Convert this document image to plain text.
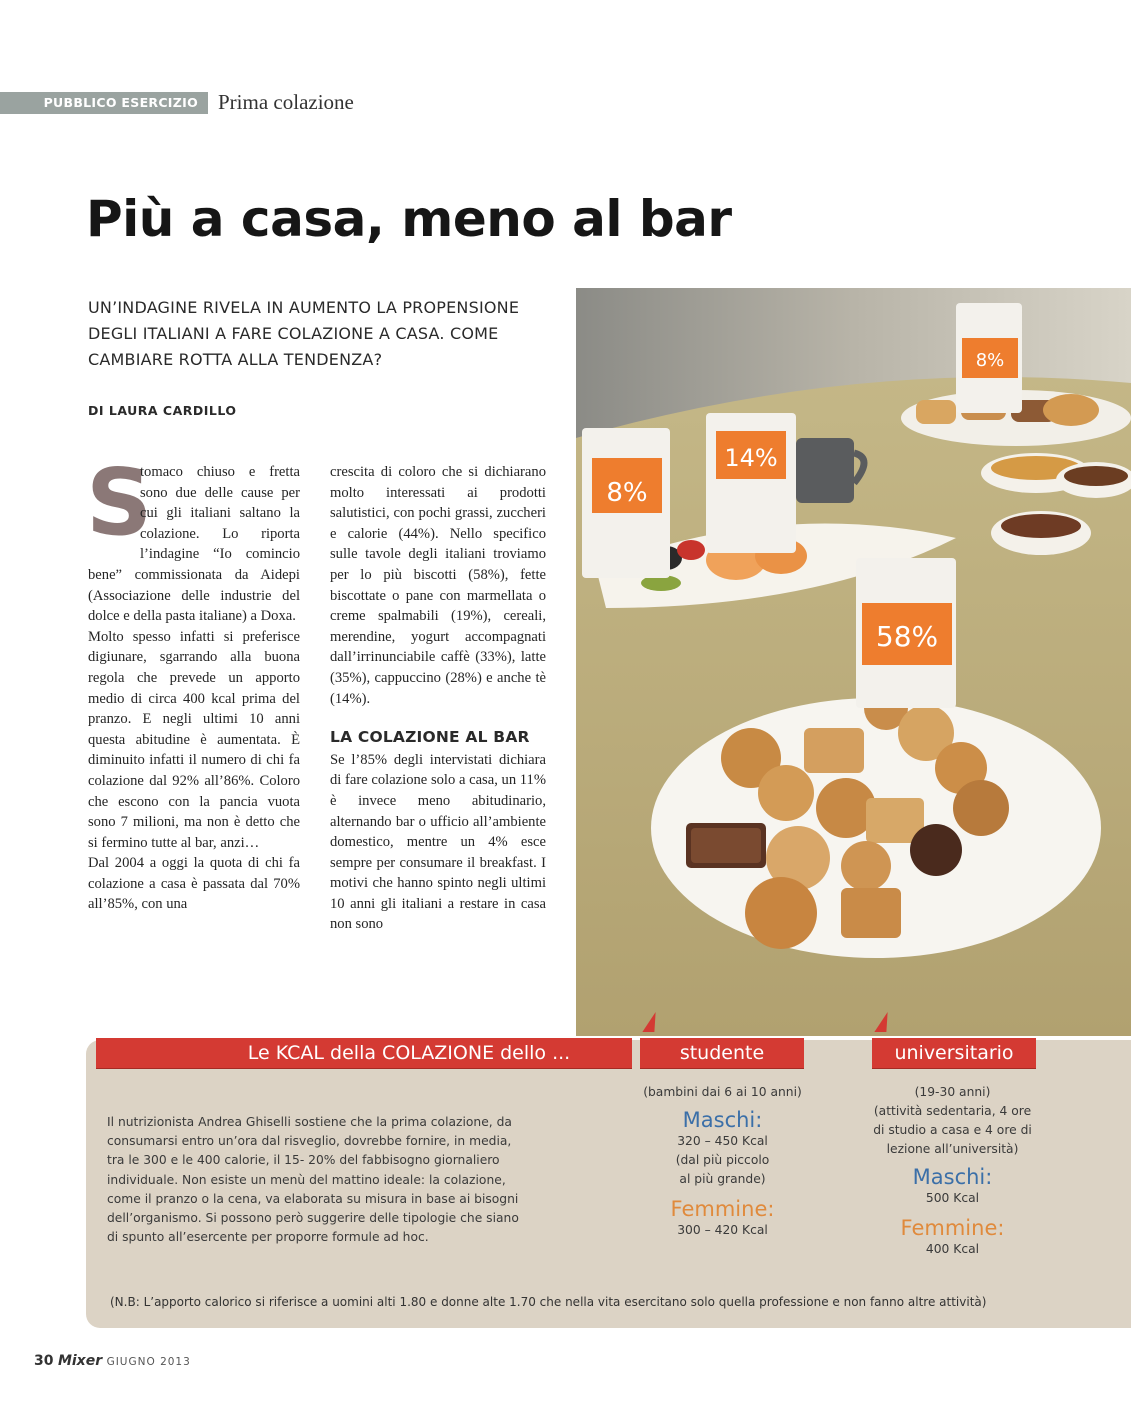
PUBBLICO ESERCIZIO Prima colazione
Più a casa, meno al bar
UN’INDAGINE RIVELA IN AUMENTO LA PROPENSIONE DEGLI ITALIANI A FARE COLAZIONE A CASA. COME CAMBIARE ROTTA ALLA TENDENZA?
DI LAURA CARDILLO
S

tomaco chiuso e fretta sono due delle cause per cui gli italiani saltano la colazione. Lo riporta l’indagine “Io comincio bene” commissionata da Aidepi (Associazione delle industrie del dolce e della pasta italiane) a Doxa.

Molto spesso infatti si preferisce digiunare, sgarrando alla buona regola che prevede un apporto medio di circa 400 kcal prima del pranzo. E negli ultimi 10 anni questa abitudine è aumentata. È diminuito infatti il numero di chi fa colazione dal 92% all’86%. Coloro che escono con la pancia vuota sono 7 milioni, ma non è detto che si fermino tutte al bar, anzi…

Dal 2004 a oggi la quota di chi fa colazione a casa è passata dal 70% all’85%, con una

crescita di coloro che si dichiarano molto interessati ai prodotti salutistici, con pochi grassi, zuccheri e calorie (44%). Nello specifico sulle tavole degli italiani troviamo per lo più biscotti (58%), fette biscottate o pane con marmellata o creme spalmabili (19%), cereali, merendine, yogurt accompagnati dall’irrinunciabile caffè (33%), latte (35%), cappuccino (28%) e anche tè (14%).

LA COLAZIONE AL BAR

Se l’85% degli intervistati dichiara di fare colazione solo a casa, un 11% è invece meno abitudinario, alternando bar o ufficio all’ambiente domestico, mentre un 4% esce sempre per consumare il breakfast. I motivi che hanno spinto negli ultimi 10 anni gli italiani a restare in casa non sono

8%
14%
8%
58%
Le KCAL della COLAZIONE dello ...	studente	universitario
Il nutrizionista Andrea Ghiselli sostiene che la prima colazione, da consumarsi entro un’ora dal risveglio, dovrebbe fornire, in media, tra le 300 e le 400 calorie, il 15- 20% del fabbisogno giornaliero individuale. Non esiste un menù del mattino ideale: la colazione, come il pranzo o la cena, va elaborata su misura in base ai bisogni dell’organismo. Si possono però suggerire delle tipologie che siano di spunto all’esercente per proporre formule ad hoc.
(bambini dai 6 ai 10 anni)
Maschi:
320 – 450 Kcal
(dal più piccolo
al più grande)
Femmine:
300 – 420 Kcal
(19-30 anni)
(attività sedentaria, 4 ore
di studio a casa e 4 ore di
lezione all’università)
Maschi:
500 Kcal
Femmine:
400 Kcal
(N.B: L’apporto calorico si riferisce a uomini alti 1.80 e donne alte 1.70 che nella vita esercitano solo quella professione e non fanno altre attività)
30 Mixer GIUGNO 2013
